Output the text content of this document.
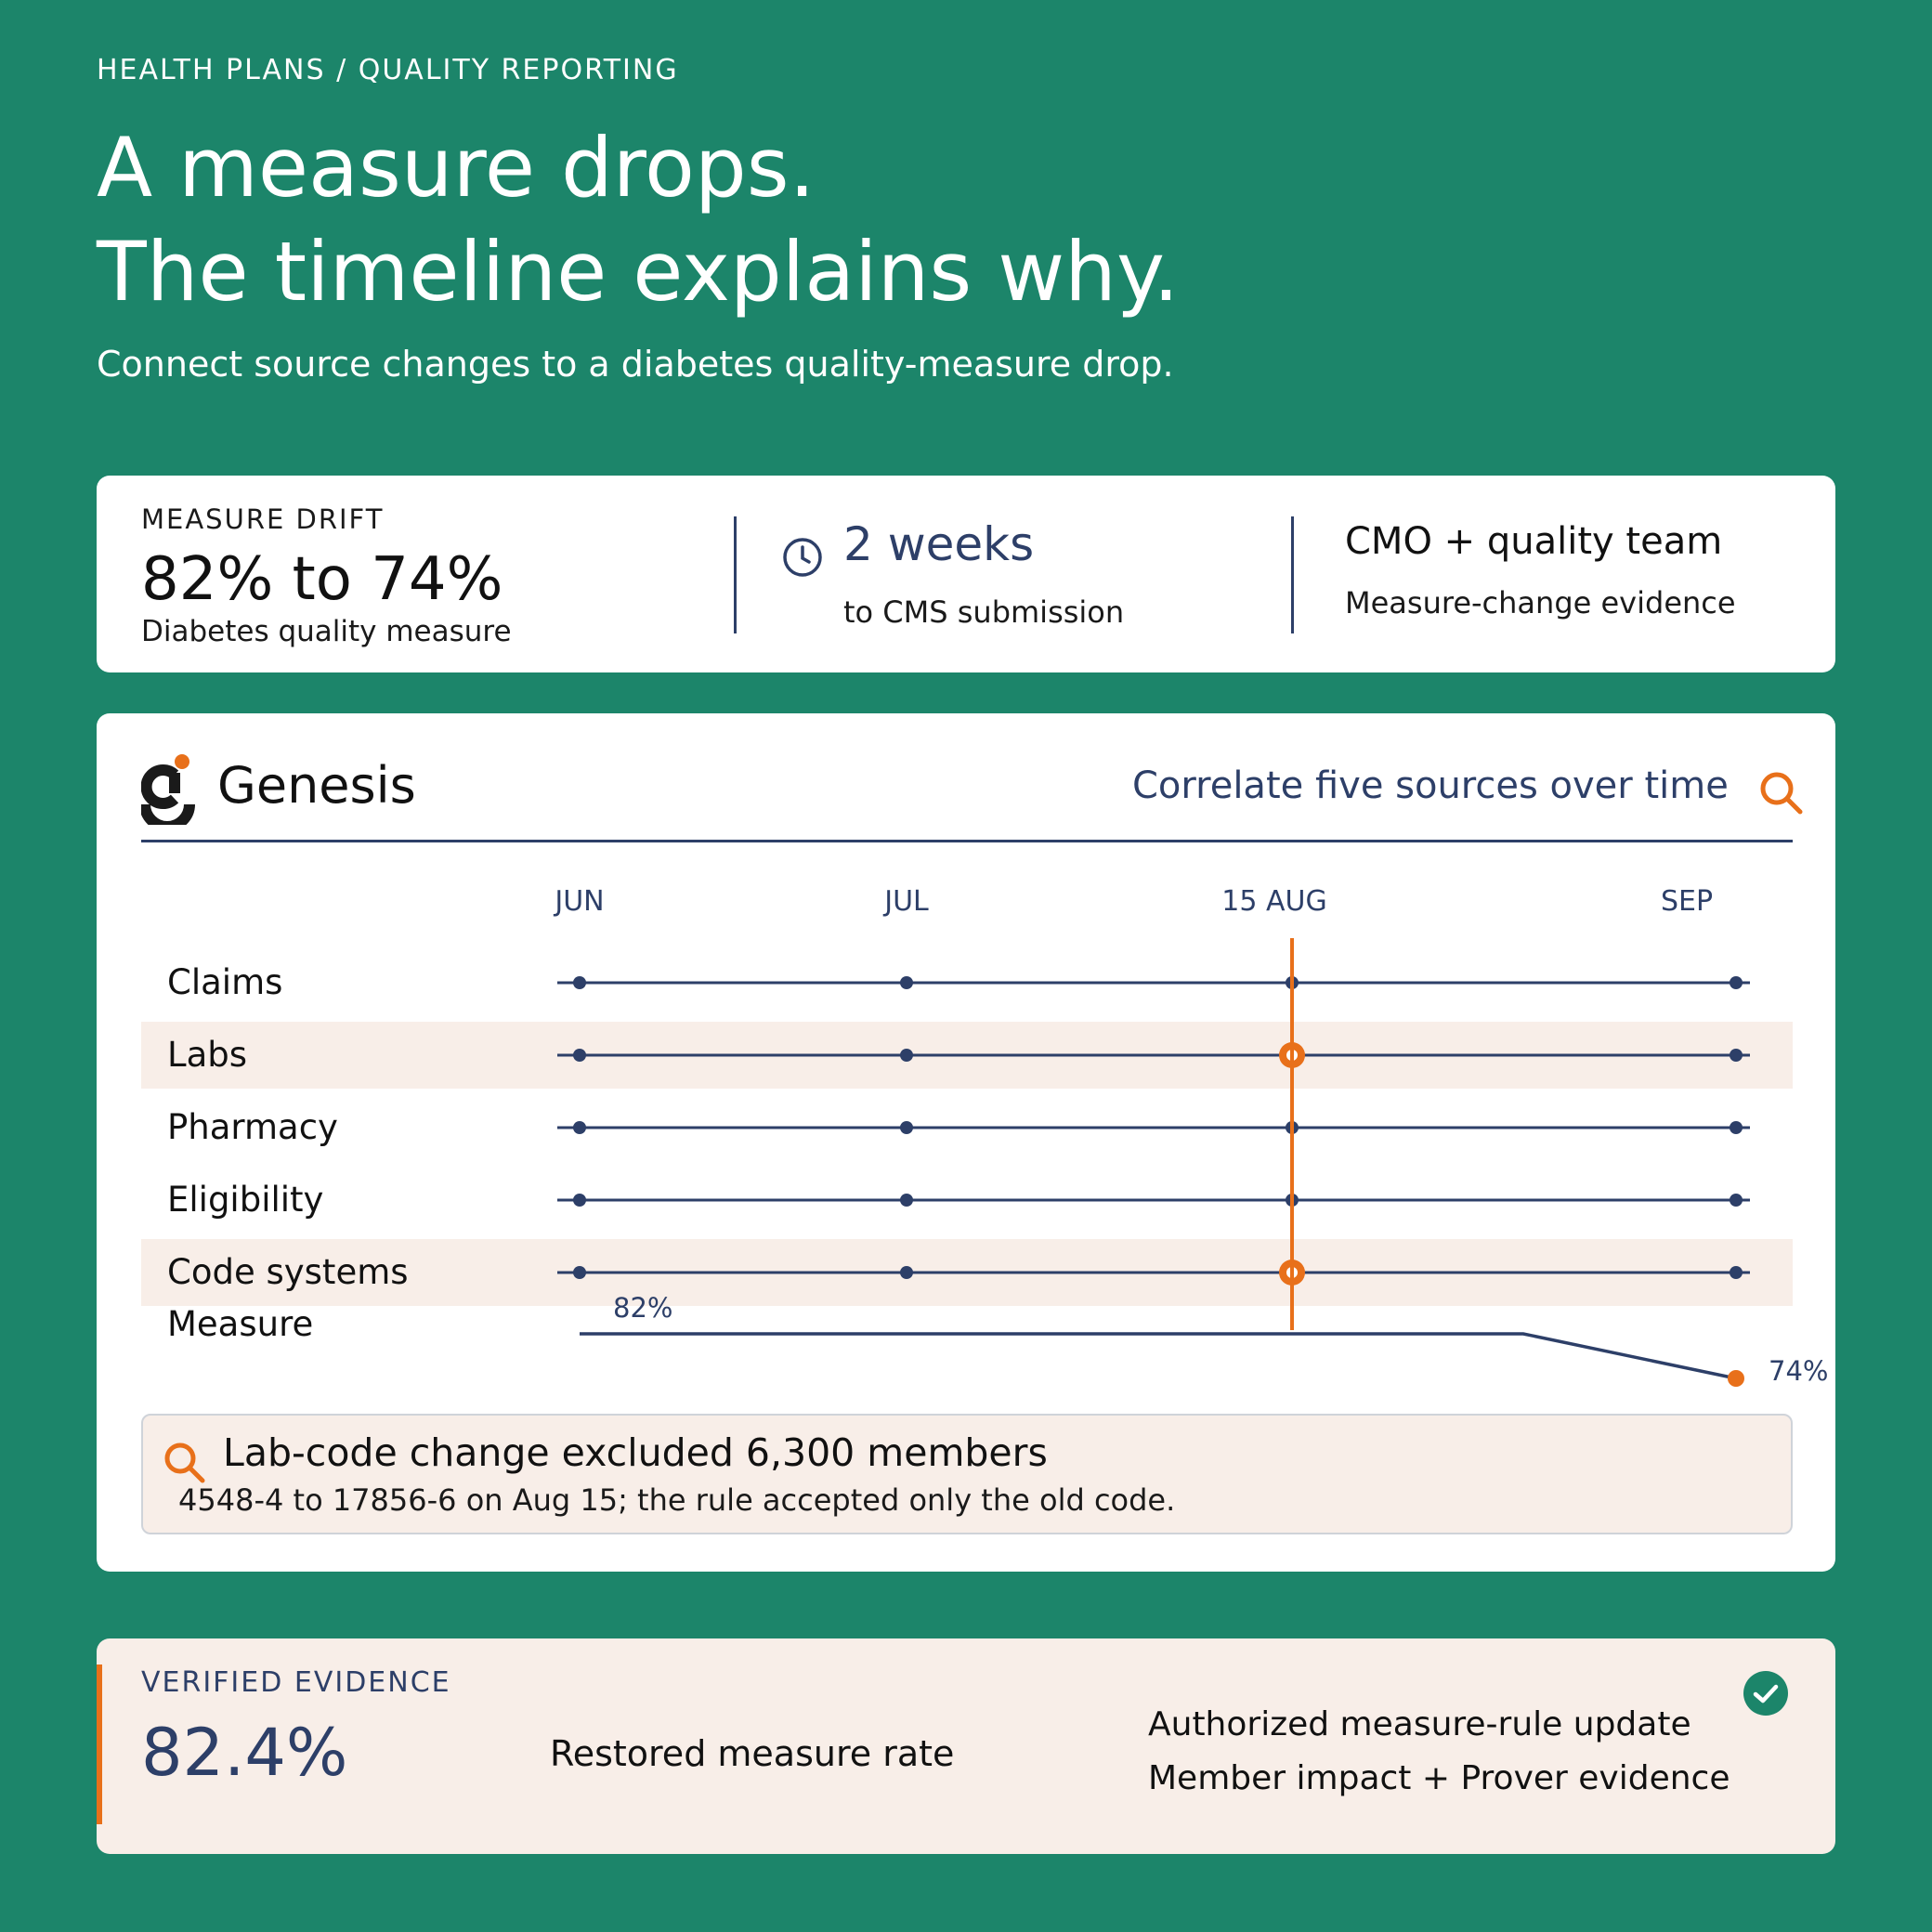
HEALTH PLANS / QUALITY REPORTING
A measure drops.
The timeline explains why.
Connect source changes to a diabetes quality-measure drop.
MEASURE DRIFT
82% to 74%
Diabetes quality measure
2 weeks
to CMS submission
CMO + quality team
Measure-change evidence
Genesis	Correlate five sources over time
JUN	JUL	15 AUG	SEP
Claims
Labs
Pharmacy
Eligibility
Code systems
Measure	82%
74%
Lab-code change excluded 6,300 members
4548-4 to 17856-6 on Aug 15; the rule accepted only the old code.
VERIFIED EVIDENCE
82.4%	Restored measure rate
Authorized measure-rule update
Member impact + Prover evidence
